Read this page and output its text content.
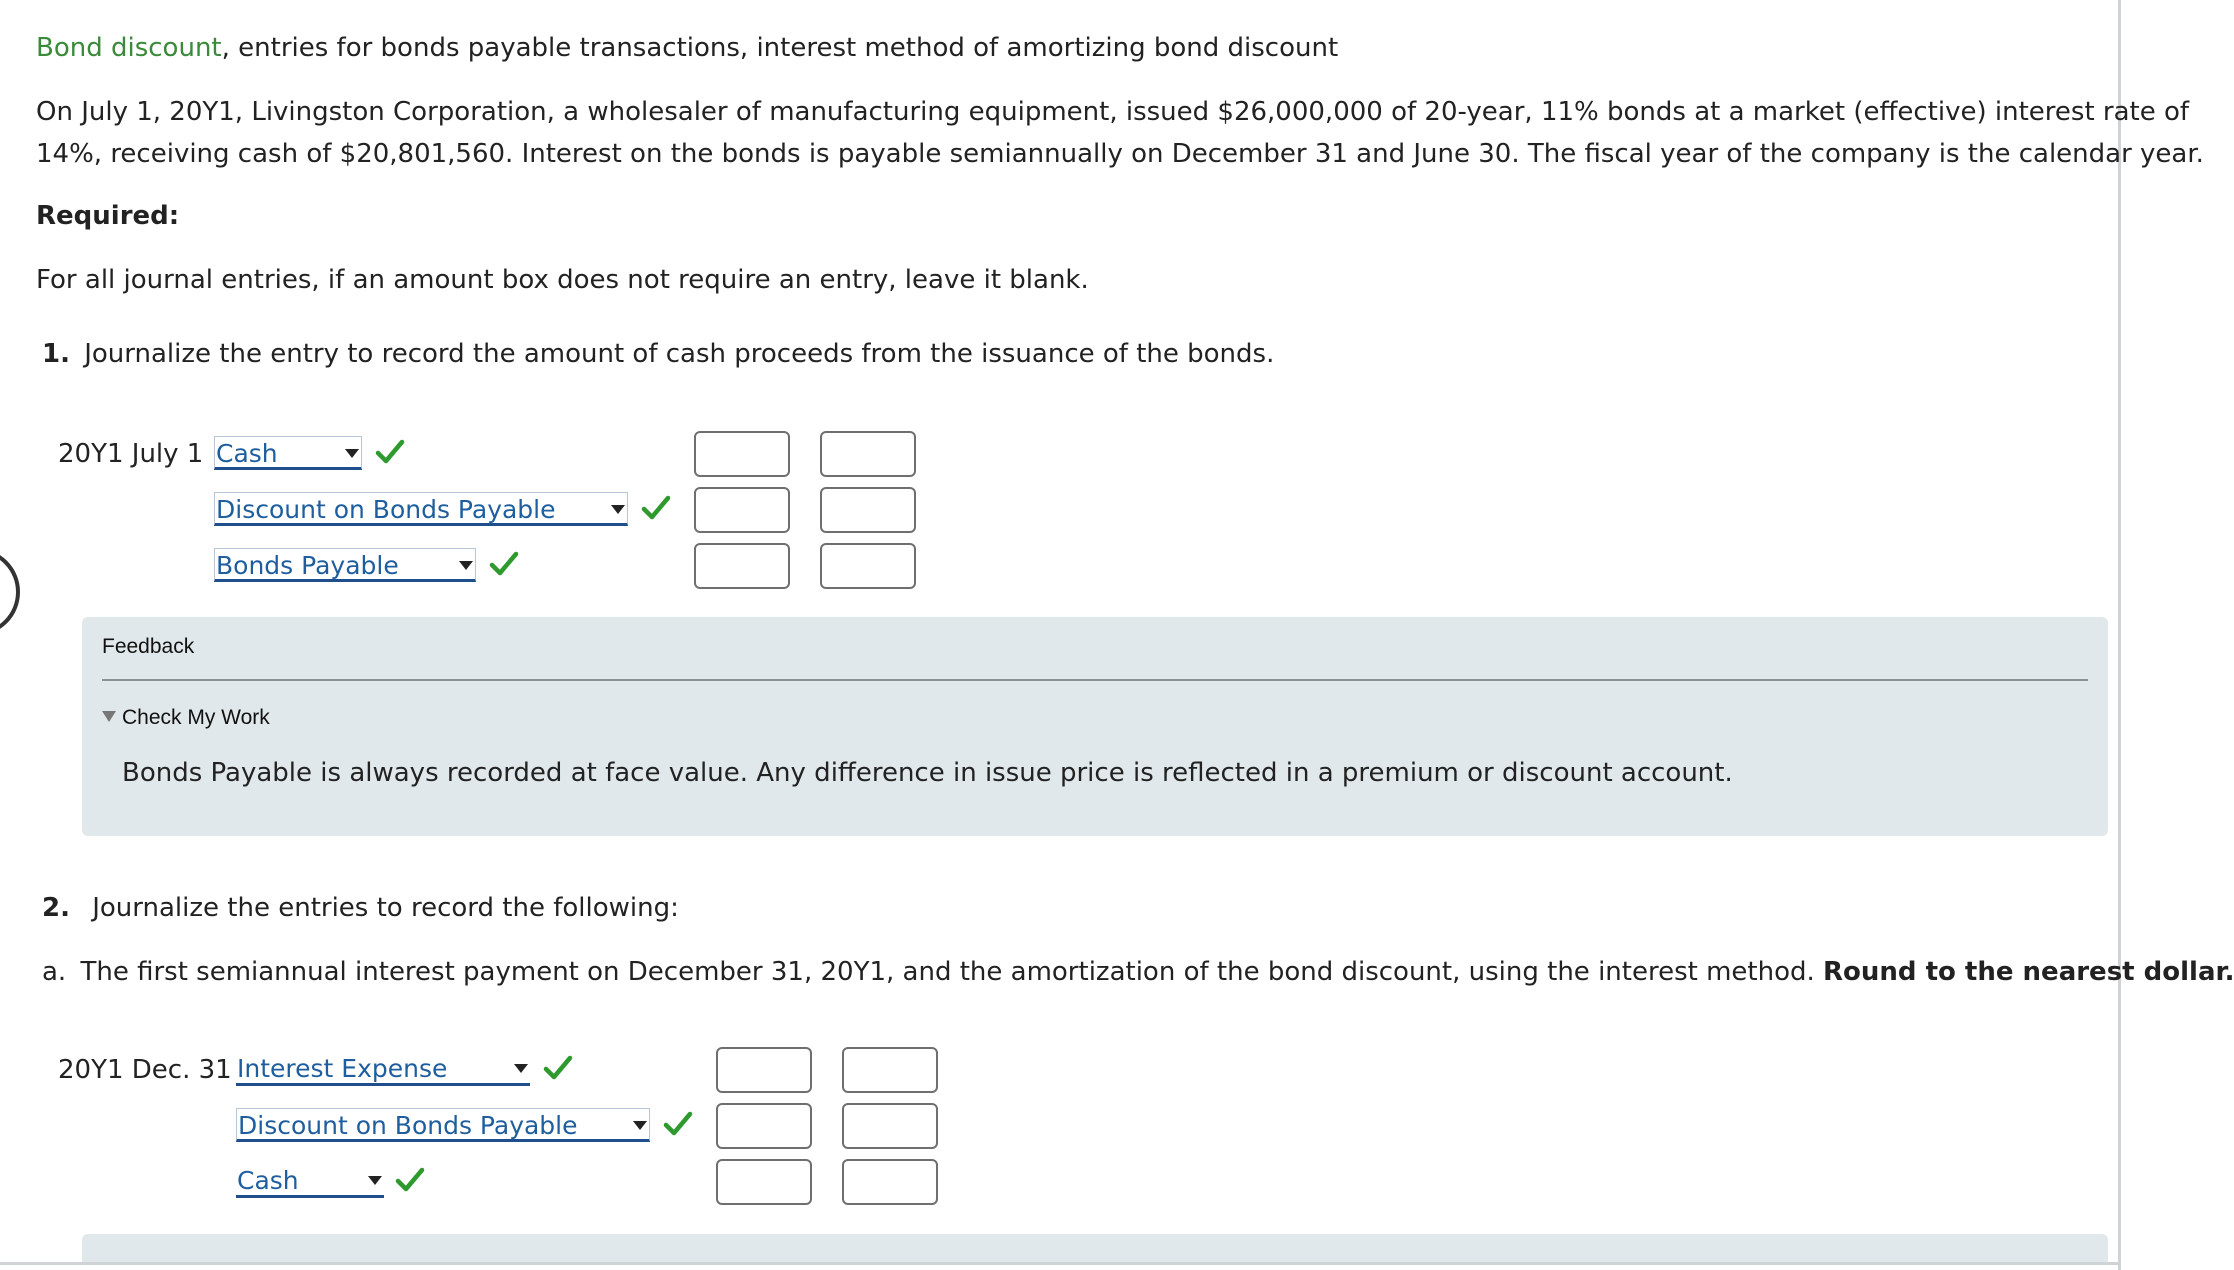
Bond discount, entries for bonds payable transactions, interest method of amortizing bond discount
On July 1, 20Y1, Livingston Corporation, a wholesaler of manufacturing equipment, issued $26,000,000 of 20-year, 11% bonds at a market (effective) interest rate of
14%, receiving cash of $20,801,560. Interest on the bonds is payable semiannually on December 31 and June 30. The fiscal year of the company is the calendar year.
Required:
For all journal entries, if an amount box does not require an entry, leave it blank.
1. Journalize the entry to record the amount of cash proceeds from the issuance of the bonds.
20Y1 July 1 Cash
Discount on Bonds Payable
Bonds Payable
Feedback
Check My Work
Bonds Payable is always recorded at face value. Any difference in issue price is reflected in a premium or discount account.
2. Journalize the entries to record the following:
a. The first semiannual interest payment on December 31, 20Y1, and the amortization of the bond discount, using the interest method. Round to the nearest dollar.
20Y1 Dec. 31 Interest Expense
Discount on Bonds Payable
Cash
